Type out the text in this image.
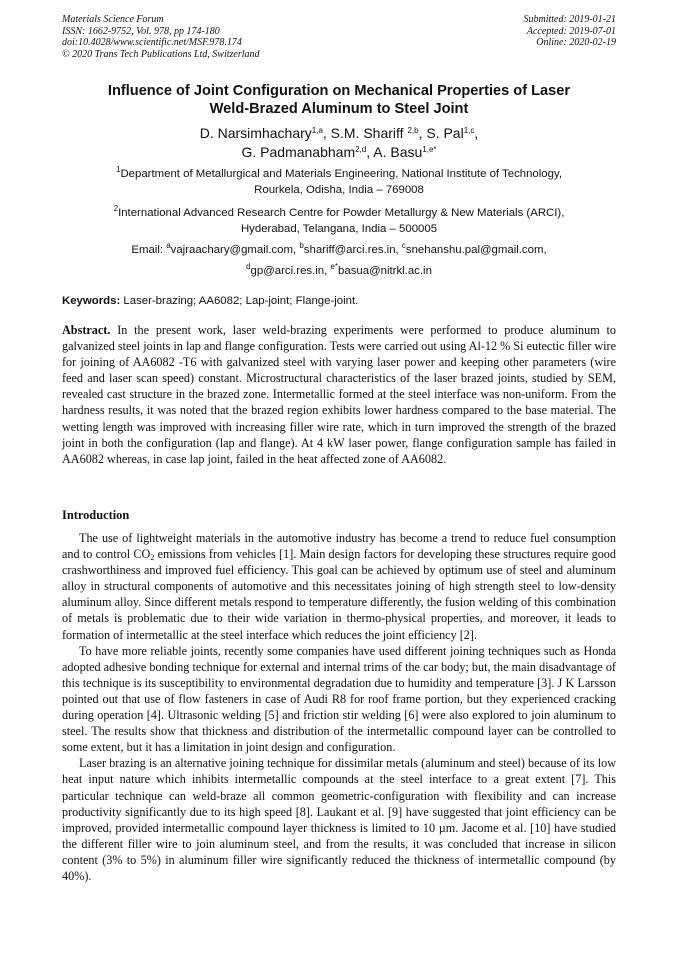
Materials Science Forum
ISSN: 1662-9752, Vol. 978, pp 174-180
doi:10.4028/www.scientific.net/MSF.978.174
© 2020 Trans Tech Publications Ltd, Switzerland
Submitted: 2019-01-21
Accepted: 2019-07-01
Online: 2020-02-19
Influence of Joint Configuration on Mechanical Properties of Laser
Weld-Brazed Aluminum to Steel Joint
D. Narsimhachary$^{1,a}$, S.M. Shariff $^{2,b}$, S. Pal$^{1,c}$,
G. Padmanabham$^{2,d}$, A. Basu$^{1,e*}$
$^1$Department of Metallurgical and Materials Engineering, National Institute of Technology,
Rourkela, Odisha, India – 769008
$^2$International Advanced Research Centre for Powder Metallurgy & New Materials (ARCI),
Hyderabad, Telangana, India – 500005
Email: $^a$vajraachary@gmail.com, $^b$shariff@arci.res.in, $^c$snehanshu.pal@gmail.com,
$^d$gp@arci.res.in, $^{e*}$basua@nitrkl.ac.in
Keywords: Laser-brazing; AA6082; Lap-joint; Flange-joint.
Abstract. In the present work, laser weld-brazing experiments were performed to produce aluminum to galvanized steel joints in lap and flange configuration. Tests were carried out using Al-12 % Si eutectic filler wire for joining of AA6082 -T6 with galvanized steel with varying laser power and keeping other parameters (wire feed and laser scan speed) constant. Microstructural characteristics of the laser brazed joints, studied by SEM, revealed cast structure in the brazed zone. Intermetallic formed at the steel interface was non-uniform. From the hardness results, it was noted that the brazed region exhibits lower hardness compared to the base material. The wetting length was improved with increasing filler wire rate, which in turn improved the strength of the brazed joint in both the configuration (lap and flange). At 4 kW laser power, flange configuration sample has failed in AA6082 whereas, in case lap joint, failed in the heat affected zone of AA6082.
Introduction

The use of lightweight materials in the automotive industry has become a trend to reduce fuel consumption and to control $CO_2$ emissions from vehicles [1]. Main design factors for developing these structures require good crashworthiness and improved fuel efficiency. This goal can be achieved by optimum use of steel and aluminum alloy in structural components of automotive and this necessitates joining of high strength steel to low-density aluminum alloy. Since different metals respond to temperature differently, the fusion welding of this combination of metals is problematic due to their wide variation in thermo-physical properties, and moreover, it leads to formation of intermetallic at the steel interface which reduces the joint efficiency [2].

To have more reliable joints, recently some companies have used different joining techniques such as Honda adopted adhesive bonding technique for external and internal trims of the car body; but, the main disadvantage of this technique is its susceptibility to environmental degradation due to humidity and temperature [3]. J K Larsson pointed out that use of flow fasteners in case of Audi R8 for roof frame portion, but they experienced cracking during operation [4]. Ultrasonic welding [5] and friction stir welding [6] were also explored to join aluminum to steel. The results show that thickness and distribution of the intermetallic compound layer can be controlled to some extent, but it has a limitation in joint design and configuration.

Laser brazing is an alternative joining technique for dissimilar metals (aluminum and steel) because of its low heat input nature which inhibits intermetallic compounds at the steel interface to a great extent [7]. This particular technique can weld-braze all common geometric-configuration with flexibility and can increase productivity significantly due to its high speed [8]. Laukant et al. [9] have suggested that joint efficiency can be improved, provided intermetallic compound layer thickness is limited to 10 µm. Jacome et al. [10] have studied the different filler wire to join aluminum steel, and from the results, it was concluded that increase in silicon content (3% to 5%) in aluminum filler wire significantly reduced the thickness of intermetallic compound (by 40%).
